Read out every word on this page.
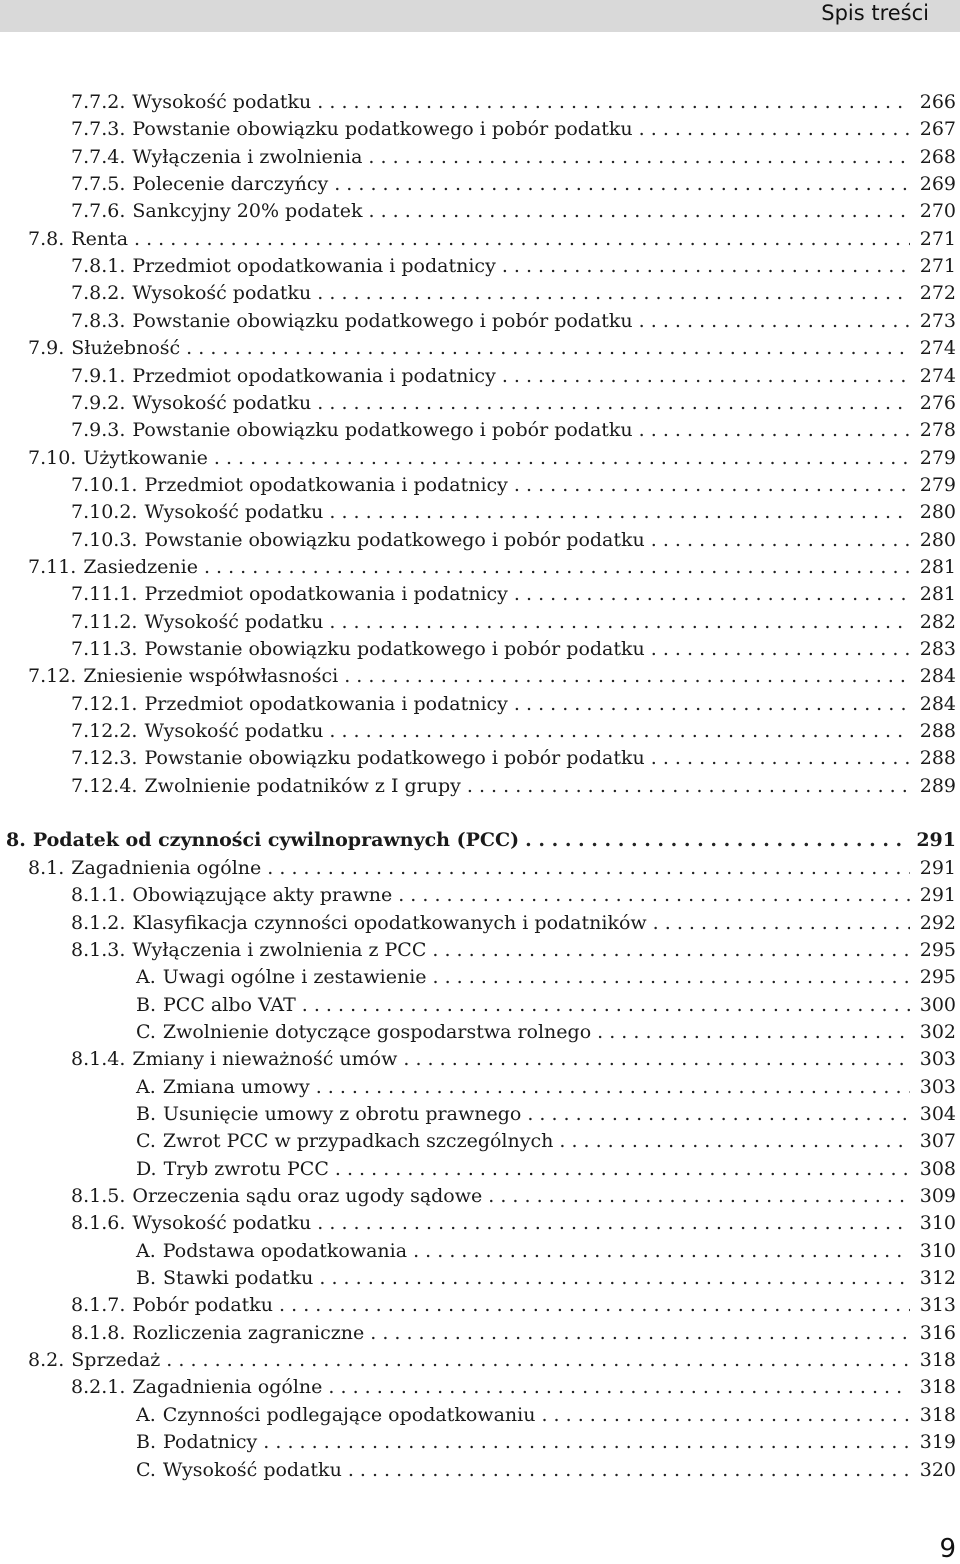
Spis treści
7.7.2. Wysokość podatku . . .	266
7.7.3. Powstanie obowiązku podatkowego i pobór podatku . . .	267
7.7.4. Wyłączenia i zwolnienia . . .	268
7.7.5. Polecenie darczyńcy . . .	269
7.7.6. Sankcyjny 20% podatek . . .	270
7.8. Renta . . .	271
7.8.1. Przedmiot opodatkowania i podatnicy . . .	271
7.8.2. Wysokość podatku . . .	272
7.8.3. Powstanie obowiązku podatkowego i pobór podatku . . .	273
7.9. Służebność . . .	274
7.9.1. Przedmiot opodatkowania i podatnicy . . .	274
7.9.2. Wysokość podatku . . .	276
7.9.3. Powstanie obowiązku podatkowego i pobór podatku . . .	278
7.10. Użytkowanie . . .	279
7.10.1. Przedmiot opodatkowania i podatnicy . . .	279
7.10.2. Wysokość podatku . . .	280
7.10.3. Powstanie obowiązku podatkowego i pobór podatku . . .	280
7.11. Zasiedzenie . . .	281
7.11.1. Przedmiot opodatkowania i podatnicy . . .	281
7.11.2. Wysokość podatku . . .	282
7.11.3. Powstanie obowiązku podatkowego i pobór podatku . . .	283
7.12. Zniesienie współwłasności . . .	284
7.12.1. Przedmiot opodatkowania i podatnicy . . .	284
7.12.2. Wysokość podatku . . .	288
7.12.3. Powstanie obowiązku podatkowego i pobór podatku . . .	288
7.12.4. Zwolnienie podatników z I grupy . . .	289
8. Podatek od czynności cywilnoprawnych (PCC) . . .	291
8.1. Zagadnienia ogólne . . .	291
8.1.1. Obowiązujące akty prawne . . .	291
8.1.2. Klasyfikacja czynności opodatkowanych i podatników . . .	292
8.1.3. Wyłączenia i zwolnienia z PCC . . .	295
A. Uwagi ogólne i zestawienie . . .	295
B. PCC albo VAT . . .	300
C. Zwolnienie dotyczące gospodarstwa rolnego . . .	302
8.1.4. Zmiany i nieważność umów . . .	303
A. Zmiana umowy . . .	303
B. Usunięcie umowy z obrotu prawnego . . .	304
C. Zwrot PCC w przypadkach szczególnych . . .	307
D. Tryb zwrotu PCC . . .	308
8.1.5. Orzeczenia sądu oraz ugody sądowe . . .	309
8.1.6. Wysokość podatku . . .	310
A. Podstawa opodatkowania . . .	310
B. Stawki podatku . . .	312
8.1.7. Pobór podatku . . .	313
8.1.8. Rozliczenia zagraniczne . . .	316
8.2. Sprzedaż . . .	318
8.2.1. Zagadnienia ogólne . . .	318
A. Czynności podlegające opodatkowaniu . . .	318
B. Podatnicy . . .	319
C. Wysokość podatku . . .	320
9
